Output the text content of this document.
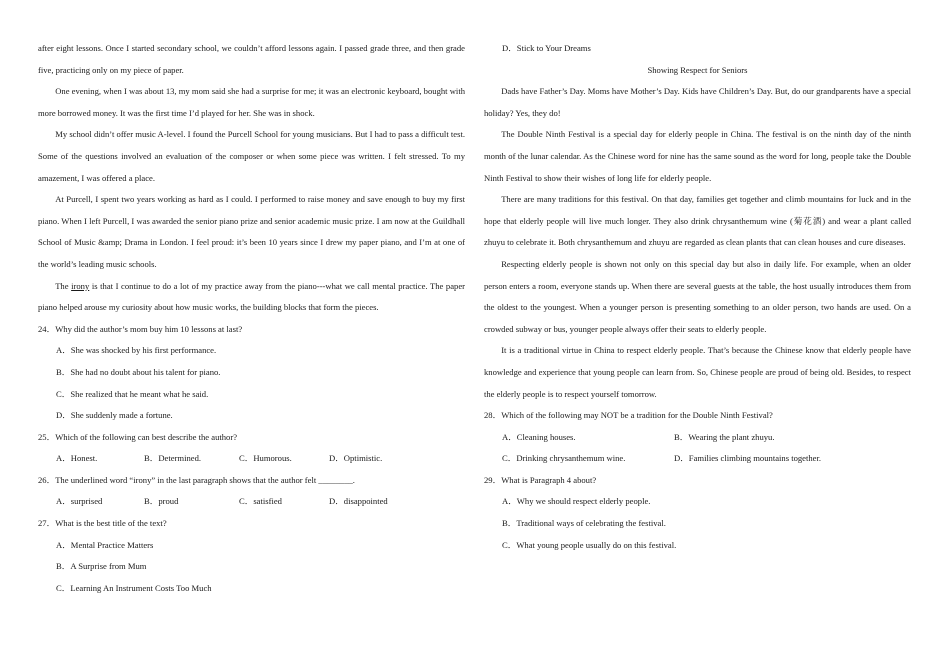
after eight lessons. Once I started secondary school, we couldn’t afford lessons again. I passed grade three, and then grade five, practicing only on my piece of paper.

One evening, when I was about 13, my mom said she had a surprise for me; it was an electronic keyboard, bought with more borrowed money. It was the first time I’d played for her. She was in shock.

My school didn’t offer music A-level. I found the Purcell School for young musicians. But I had to pass a difficult test. Some of the questions involved an evaluation of the composer or when some piece was written. I felt stressed. To my amazement, I was offered a place.

At Purcell, I spent two years working as hard as I could. I performed to raise money and save enough to buy my first piano. When I left Purcell, I was awarded the senior piano prize and senior academic music prize. I am now at the Guildhall School of Music &amp; Drama in London. I feel proud: it’s been 10 years since I drew my paper piano, and I’m at one of the world’s leading music schools.

The irony is that I continue to do a lot of my practice away from the piano---what we call mental practice. The paper piano helped arouse my curiosity about how music works, the building blocks that form the pieces.

24．Why did the author’s mom buy him 10 lessons at last?
A．She was shocked by his first performance.
B．She had no doubt about his talent for piano.
C．She realized that he meant what he said.
D．She suddenly made a fortune.
25．Which of the following can best describe the author?
A．Honest.	B．Determined.	C．Humorous.	D．Optimistic.
26．The underlined word “irony” in the last paragraph shows that the author felt ________.
A．surprised	B．proud	C．satisfied	D．disappointed
27．What is the best title of the text?
A．Mental Practice Matters
B．A Surprise from Mum
C．Learning An Instrument Costs Too Much
D．Stick to Your Dreams

Showing Respect for Seniors

Dads have Father’s Day. Moms have Mother’s Day. Kids have Children’s Day. But, do our grandparents have a special holiday? Yes, they do!

The Double Ninth Festival is a special day for elderly people in China. The festival is on the ninth day of the ninth month of the lunar calendar. As the Chinese word for nine has the same sound as the word for long, people take the Double Ninth Festival to show their wishes of long life for elderly people.

There are many traditions for this festival. On that day, families get together and climb mountains for luck and in the hope that elderly people will live much longer. They also drink chrysanthemum wine (菊花酒) and wear a plant called zhuyu to celebrate it. Both chrysanthemum and zhuyu are regarded as clean plants that can clean houses and cure diseases.

Respecting elderly people is shown not only on this special day but also in daily life. For example, when an older person enters a room, everyone stands up. When there are several guests at the table, the host usually introduces them from the oldest to the youngest. When a younger person is presenting something to an older person, two hands are used. On a crowded subway or bus, younger people always offer their seats to elderly people.

It is a traditional virtue in China to respect elderly people. That’s because the Chinese know that elderly people have knowledge and experience that young people can learn from. So, Chinese people are proud of being old. Besides, to respect the elderly people is to respect yourself tomorrow.

28．Which of the following may NOT be a tradition for the Double Ninth Festival?
A．Cleaning houses.	B．Wearing the plant zhuyu.
C．Drinking chrysanthemum wine.	D．Families climbing mountains together.
29．What is Paragraph 4 about?
A．Why we should respect elderly people.
B．Traditional ways of celebrating the festival.
C．What young people usually do on this festival.
